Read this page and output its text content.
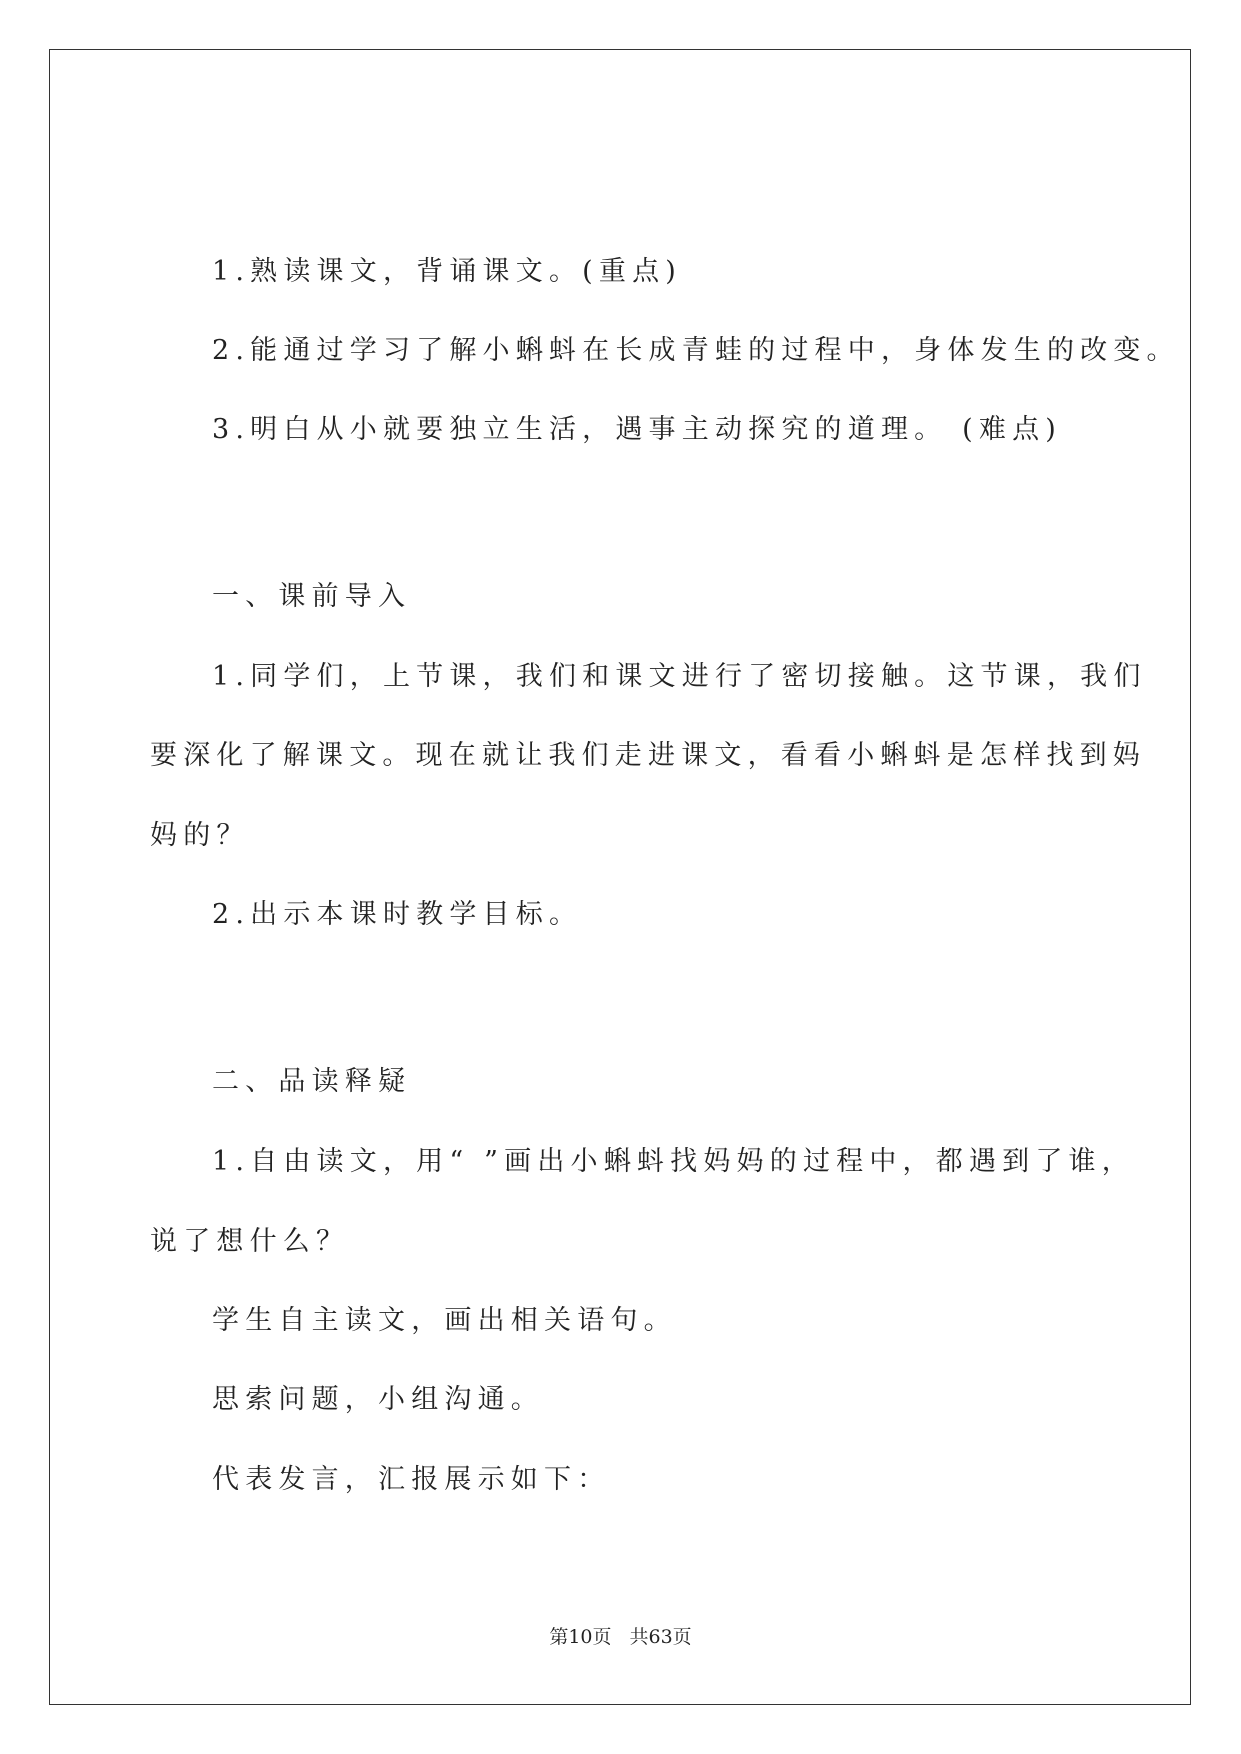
1.熟读课文，背诵课文。(重点)
2.能通过学习了解小蝌蚪在长成青蛙的过程中，身体发生的改变。
3.明白从小就要独立生活，遇事主动探究的道理。 (难点)
一、课前导入
1.同学们，上节课，我们和课文进行了密切接触。这节课，我们
要深化了解课文。现在就让我们走进课文，看看小蝌蚪是怎样找到妈
妈的？
2.出示本课时教学目标。
二、品读释疑
1.自由读文，用“ ”画出小蝌蚪找妈妈的过程中，都遇到了谁，
说了想什么？
学生自主读文，画出相关语句。
思索问题，小组沟通。
代表发言，汇报展示如下：
第10页 共63页
